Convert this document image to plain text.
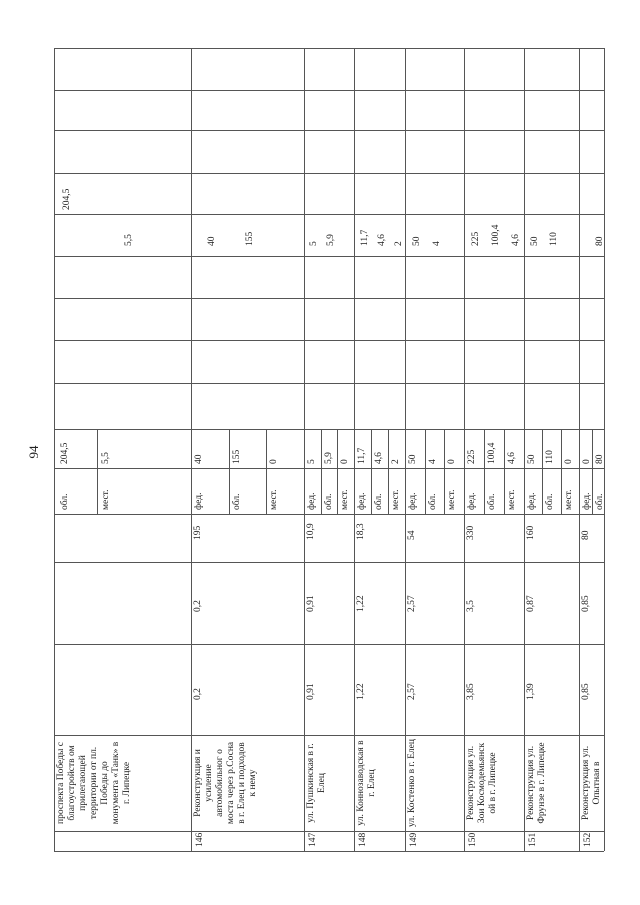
94
проспекта Победы с благоустройств ом прилегающей территории от пл. Победы до монумента «Танк» в г. Липецке
обл.
204,5
мест.
5,5
204,5
5,5
146
Реконструкция и усиление автомобильног о моста через р.Сосна в г. Елец и подходов к нему
0,2
0,2
195
фед.
40
обл.
155
мест.
0
40	155
147
ул. Пушкинская в г. Елец
0,91
0,91
10,9
фед.
5
обл.
5,9
мест.
0
5 5,9
148
ул. Коннозаводская в г. Елец
1,22
1,22
18,3
фед.
11,7
обл.
4,6
мест.
2
11,7 4,6 2
149
ул. Костенко в г. Елец
2,57
2,57
54
фед.
50
обл.
4
мест.
0
50 4
150
Реконструкция ул. Зои Космодемьянск ой в г. Липецке
3,85
3,5
330
фед.
225
обл.
100,4
мест.
4,6
225 100,4 4,6
151
Реконструкция ул. Фрунзе в г. Липецке
1,39
0,87
160
фед.
50
обл.
110
мест.
0
50 110
152
Реконструкция ул. Опытная в
0,85
0,85
80
фед.
0
обл.
80
80
